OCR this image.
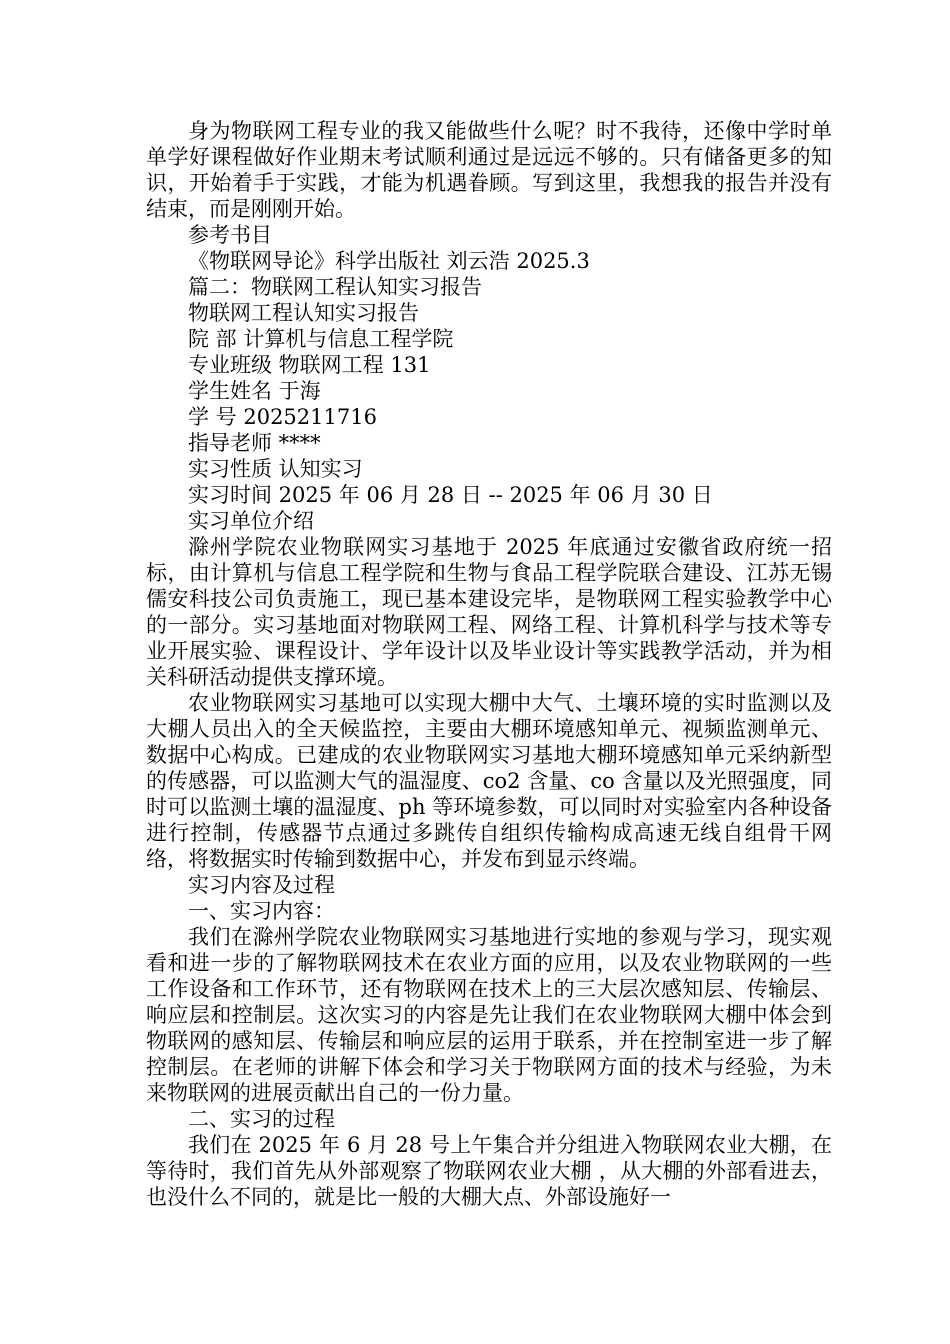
身为物联网工程专业的我又能做些什么呢？时不我待，还像中学时单单学好课程做好作业期末考试顺利通过是远远不够的。只有储备更多的知识，开始着手于实践，才能为机遇眷顾。写到这里，我想我的报告并没有结束，而是刚刚开始。

参考书目

《物联网导论》科学出版社 刘云浩 2025.3

篇二：物联网工程认知实习报告

物联网工程认知实习报告

院 部 计算机与信息工程学院

专业班级 物联网工程 131

学生姓名 于海

学 号 2025211716

指导老师 ****

实习性质 认知实习

实习时间 2025 年 06 月 28 日 -- 2025 年 06 月 30 日

实习单位介绍

滁州学院农业物联网实习基地于 2025 年底通过安徽省政府统一招标，由计算机与信息工程学院和生物与食品工程学院联合建设、江苏无锡儒安科技公司负责施工，现已基本建设完毕，是物联网工程实验教学中心的一部分。实习基地面对物联网工程、网络工程、计算机科学与技术等专业开展实验、课程设计、学年设计以及毕业设计等实践教学活动，并为相关科研活动提供支撑环境。

农业物联网实习基地可以实现大棚中大气、土壤环境的实时监测以及大棚人员出入的全天候监控，主要由大棚环境感知单元、视频监测单元、数据中心构成。已建成的农业物联网实习基地大棚环境感知单元采纳新型的传感器，可以监测大气的温湿度、co2 含量、co 含量以及光照强度，同时可以监测土壤的温湿度、ph 等环境参数，可以同时对实验室内各种设备进行控制，传感器节点通过多跳传自组织传输构成高速无线自组骨干网络，将数据实时传输到数据中心，并发布到显示终端。

实习内容及过程

一、实习内容：

我们在滁州学院农业物联网实习基地进行实地的参观与学习，现实观看和进一步的了解物联网技术在农业方面的应用，以及农业物联网的一些工作设备和工作环节，还有物联网在技术上的三大层次感知层、传输层、响应层和控制层。这次实习的内容是先让我们在农业物联网大棚中体会到物联网的感知层、传输层和响应层的运用于联系，并在控制室进一步了解控制层。在老师的讲解下体会和学习关于物联网方面的技术与经验，为未来物联网的进展贡献出自己的一份力量。

二、实习的过程

我们在 2025 年 6 月 28 号上午集合并分组进入物联网农业大棚，在等待时，我们首先从外部观察了物联网农业大棚 ，从大棚的外部看进去，也没什么不同的，就是比一般的大棚大点、外部设施好一
